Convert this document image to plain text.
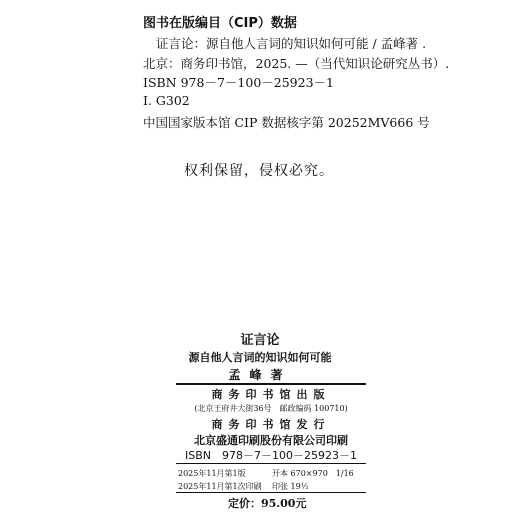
图书在版编目（CIP）数据
证言论：源自他人言词的知识如何可能 / 孟峰著 .
北京：商务印书馆，2025. —（当代知识论研究丛书）.
ISBN 978－7－100－25923－1
Ⅰ. G302
中国国家版本馆 CIP 数据核字第 20252MV666 号
权利保留，侵权必究。
证言论
源自他人言词的知识如何可能
孟峰著
商务印书馆出版
(北京王府井大街36号　邮政编码 100710)
商务印书馆发行
北京盛通印刷股份有限公司印刷
ISBN　978－7－100－25923－1
2025年11月第1版	开本 670×970　1/16
2025年11月第1次印刷 印张 19½
定价：95.00元
